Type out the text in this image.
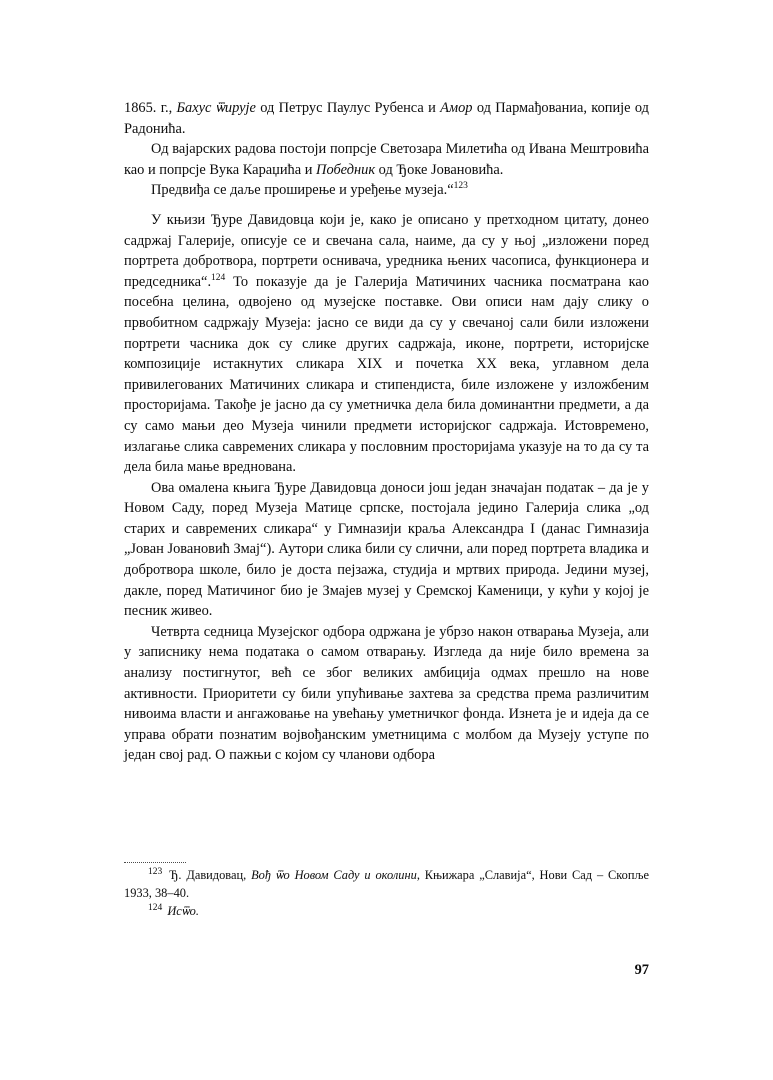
1865. г., Бахус ѿирује од Петрус Паулус Рубенса и Амор од Пармађованиа, копије од Радонића.

Од вајарских радова постоји попрсје Светозара Милетића од Ивана Мештровића као и попрсје Вука Караџића и Победник од Ђоке Јовановића.

Предвиђа се даље проширење и уређење музеја.“$^{123}$

У књизи Ђуре Давидовца који је, како је описано у претходном цитату, донео садржај Галерије, описује се и свечана сала, наиме, да су у њој „изложени поред портрета добротвора, портрети оснивача, уредника њених часописа, функционера и председника“.$^{124}$ То показује да је Галерија Матичиних часника посматрана као посебна целина, одвојено од музејске поставке. Ови описи нам дају слику о првобитном садржају Музеја: јасно се види да су у свечаној сали били изложени портрети часника док су слике других садржаја, иконе, портрети, историјске композиције истакнутих сликара XIX и почетка XX века, углавном дела привилегованих Матичиних сликара и стипендиста, биле изложене у изложбеним просторијама. Такође је јасно да су уметничка дела била доминантни предмети, а да су само мањи део Музеја чинили предмети историјског садржаја. Истовремено, излагање слика савремених сликара у пословним просторијама указује на то да су та дела била мање вреднована.

Ова омалена књига Ђуре Давидовца доноси још један значајан податак – да је у Новом Саду, поред Музеја Матице српске, постојала једино Галерија слика „од старих и савремених сликара“ у Гимназији краља Александра I (данас Гимназија „Јован Јовановић Змај“). Аутори слика били су слични, али поред портрета владика и добротвора школе, било је доста пејзажа, студија и мртвих природа. Једини музеј, дакле, поред Матичиног био је Змајев музеј у Сремској Каменици, у кући у којој је песник живео.

Четврта седница Музејског одбора одржана је убрзо након отварања Музеја, али у записнику нема података о самом отварању. Изгледа да није било времена за анализу постигнутог, већ се због великих амбиција одмах прешло на нове активности. Приоритети су били упућивање захтева за средства према различитим нивоима власти и ангажовање на увећању уметничког фонда. Изнета је и идеја да се управа обрати познатим војвођанским уметницима с молбом да Музеју уступе по један свој рад. О пажњи с којом су чланови одбора

$^{123}$ Ђ. Давидовац, Вођ ѿо Новом Саду и околини, Књижара „Славија“, Нови Сад – Скопље 1933, 38–40.

$^{124}$ Исѿо.

97
